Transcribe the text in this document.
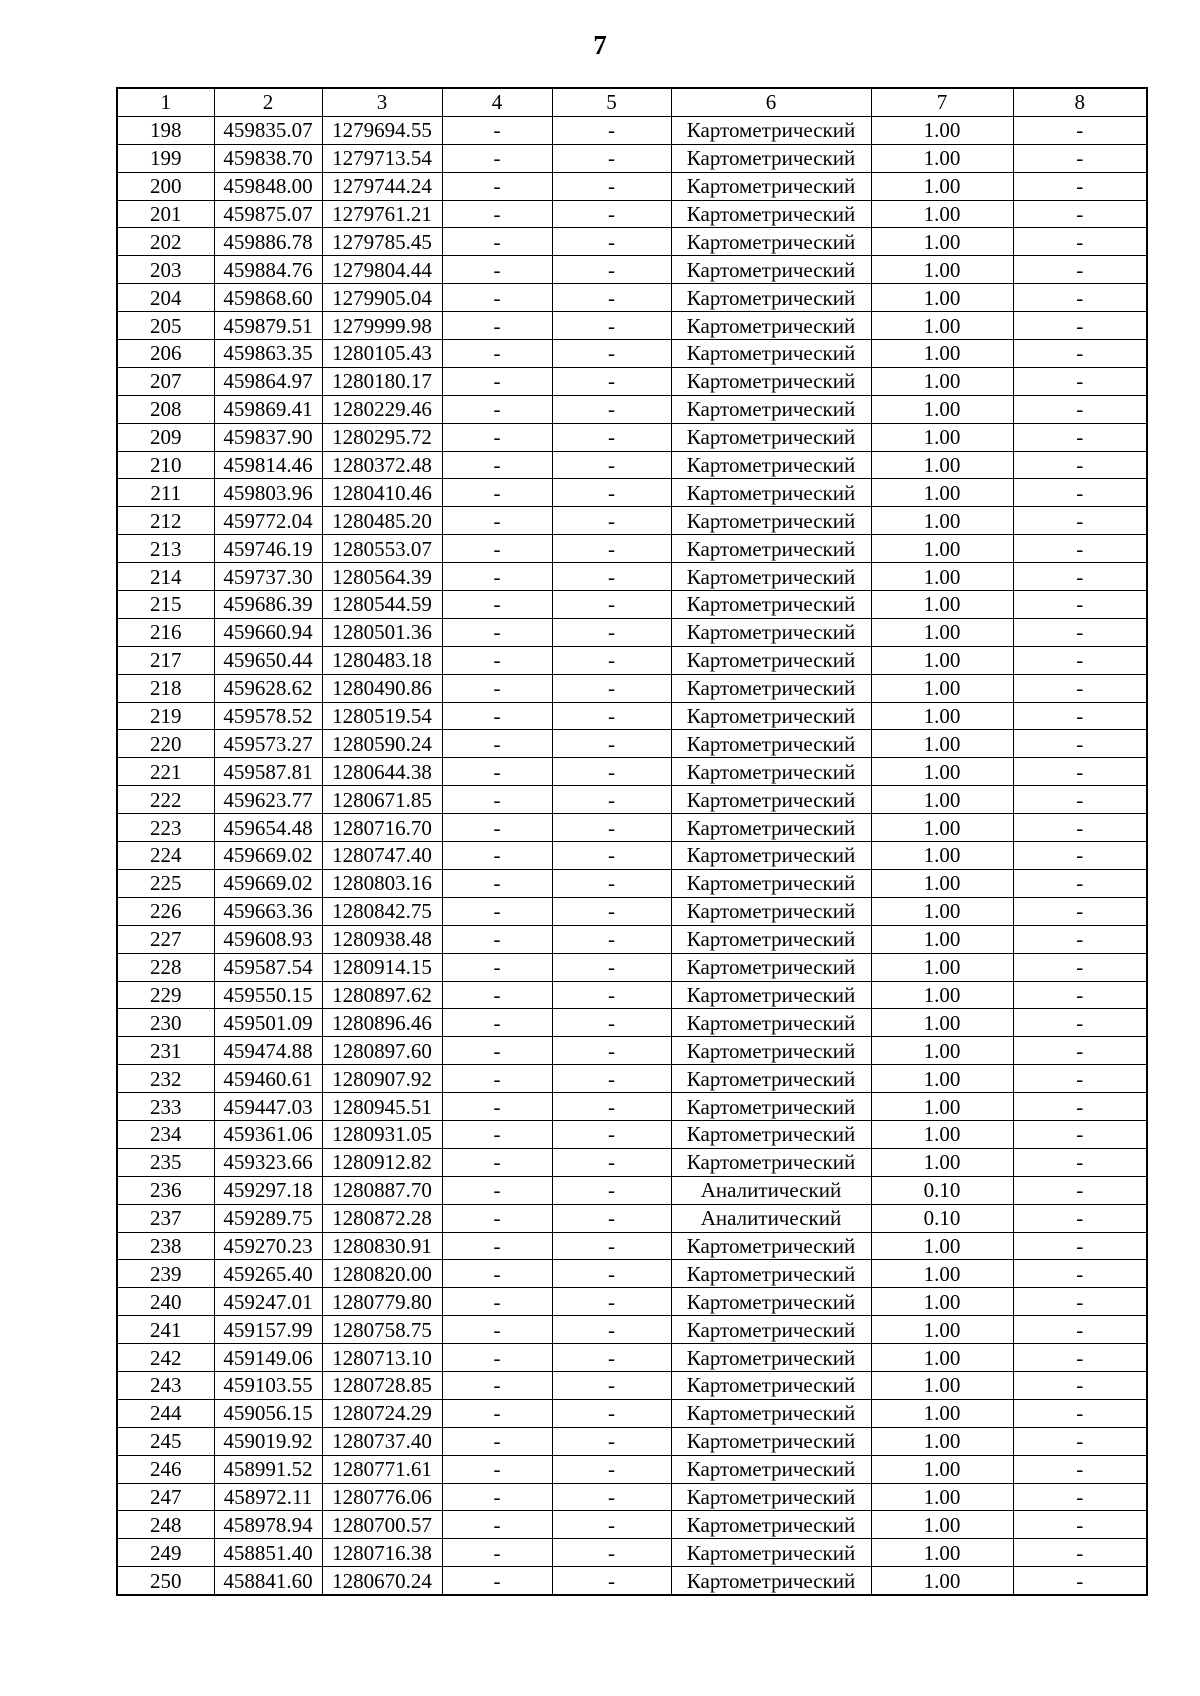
7
1	2	3	4	5	6	7	8
198	459835.07	1279694.55	-	-	Картометрический	1.00	-
199	459838.70	1279713.54	-	-	Картометрический	1.00	-
200	459848.00	1279744.24	-	-	Картометрический	1.00	-
201	459875.07	1279761.21	-	-	Картометрический	1.00	-
202	459886.78	1279785.45	-	-	Картометрический	1.00	-
203	459884.76	1279804.44	-	-	Картометрический	1.00	-
204	459868.60	1279905.04	-	-	Картометрический	1.00	-
205	459879.51	1279999.98	-	-	Картометрический	1.00	-
206	459863.35	1280105.43	-	-	Картометрический	1.00	-
207	459864.97	1280180.17	-	-	Картометрический	1.00	-
208	459869.41	1280229.46	-	-	Картометрический	1.00	-
209	459837.90	1280295.72	-	-	Картометрический	1.00	-
210	459814.46	1280372.48	-	-	Картометрический	1.00	-
211	459803.96	1280410.46	-	-	Картометрический	1.00	-
212	459772.04	1280485.20	-	-	Картометрический	1.00	-
213	459746.19	1280553.07	-	-	Картометрический	1.00	-
214	459737.30	1280564.39	-	-	Картометрический	1.00	-
215	459686.39	1280544.59	-	-	Картометрический	1.00	-
216	459660.94	1280501.36	-	-	Картометрический	1.00	-
217	459650.44	1280483.18	-	-	Картометрический	1.00	-
218	459628.62	1280490.86	-	-	Картометрический	1.00	-
219	459578.52	1280519.54	-	-	Картометрический	1.00	-
220	459573.27	1280590.24	-	-	Картометрический	1.00	-
221	459587.81	1280644.38	-	-	Картометрический	1.00	-
222	459623.77	1280671.85	-	-	Картометрический	1.00	-
223	459654.48	1280716.70	-	-	Картометрический	1.00	-
224	459669.02	1280747.40	-	-	Картометрический	1.00	-
225	459669.02	1280803.16	-	-	Картометрический	1.00	-
226	459663.36	1280842.75	-	-	Картометрический	1.00	-
227	459608.93	1280938.48	-	-	Картометрический	1.00	-
228	459587.54	1280914.15	-	-	Картометрический	1.00	-
229	459550.15	1280897.62	-	-	Картометрический	1.00	-
230	459501.09	1280896.46	-	-	Картометрический	1.00	-
231	459474.88	1280897.60	-	-	Картометрический	1.00	-
232	459460.61	1280907.92	-	-	Картометрический	1.00	-
233	459447.03	1280945.51	-	-	Картометрический	1.00	-
234	459361.06	1280931.05	-	-	Картометрический	1.00	-
235	459323.66	1280912.82	-	-	Картометрический	1.00	-
236	459297.18	1280887.70	-	-	Аналитический	0.10	-
237	459289.75	1280872.28	-	-	Аналитический	0.10	-
238	459270.23	1280830.91	-	-	Картометрический	1.00	-
239	459265.40	1280820.00	-	-	Картометрический	1.00	-
240	459247.01	1280779.80	-	-	Картометрический	1.00	-
241	459157.99	1280758.75	-	-	Картометрический	1.00	-
242	459149.06	1280713.10	-	-	Картометрический	1.00	-
243	459103.55	1280728.85	-	-	Картометрический	1.00	-
244	459056.15	1280724.29	-	-	Картометрический	1.00	-
245	459019.92	1280737.40	-	-	Картометрический	1.00	-
246	458991.52	1280771.61	-	-	Картометрический	1.00	-
247	458972.11	1280776.06	-	-	Картометрический	1.00	-
248	458978.94	1280700.57	-	-	Картометрический	1.00	-
249	458851.40	1280716.38	-	-	Картометрический	1.00	-
250	458841.60	1280670.24	-	-	Картометрический	1.00	-
